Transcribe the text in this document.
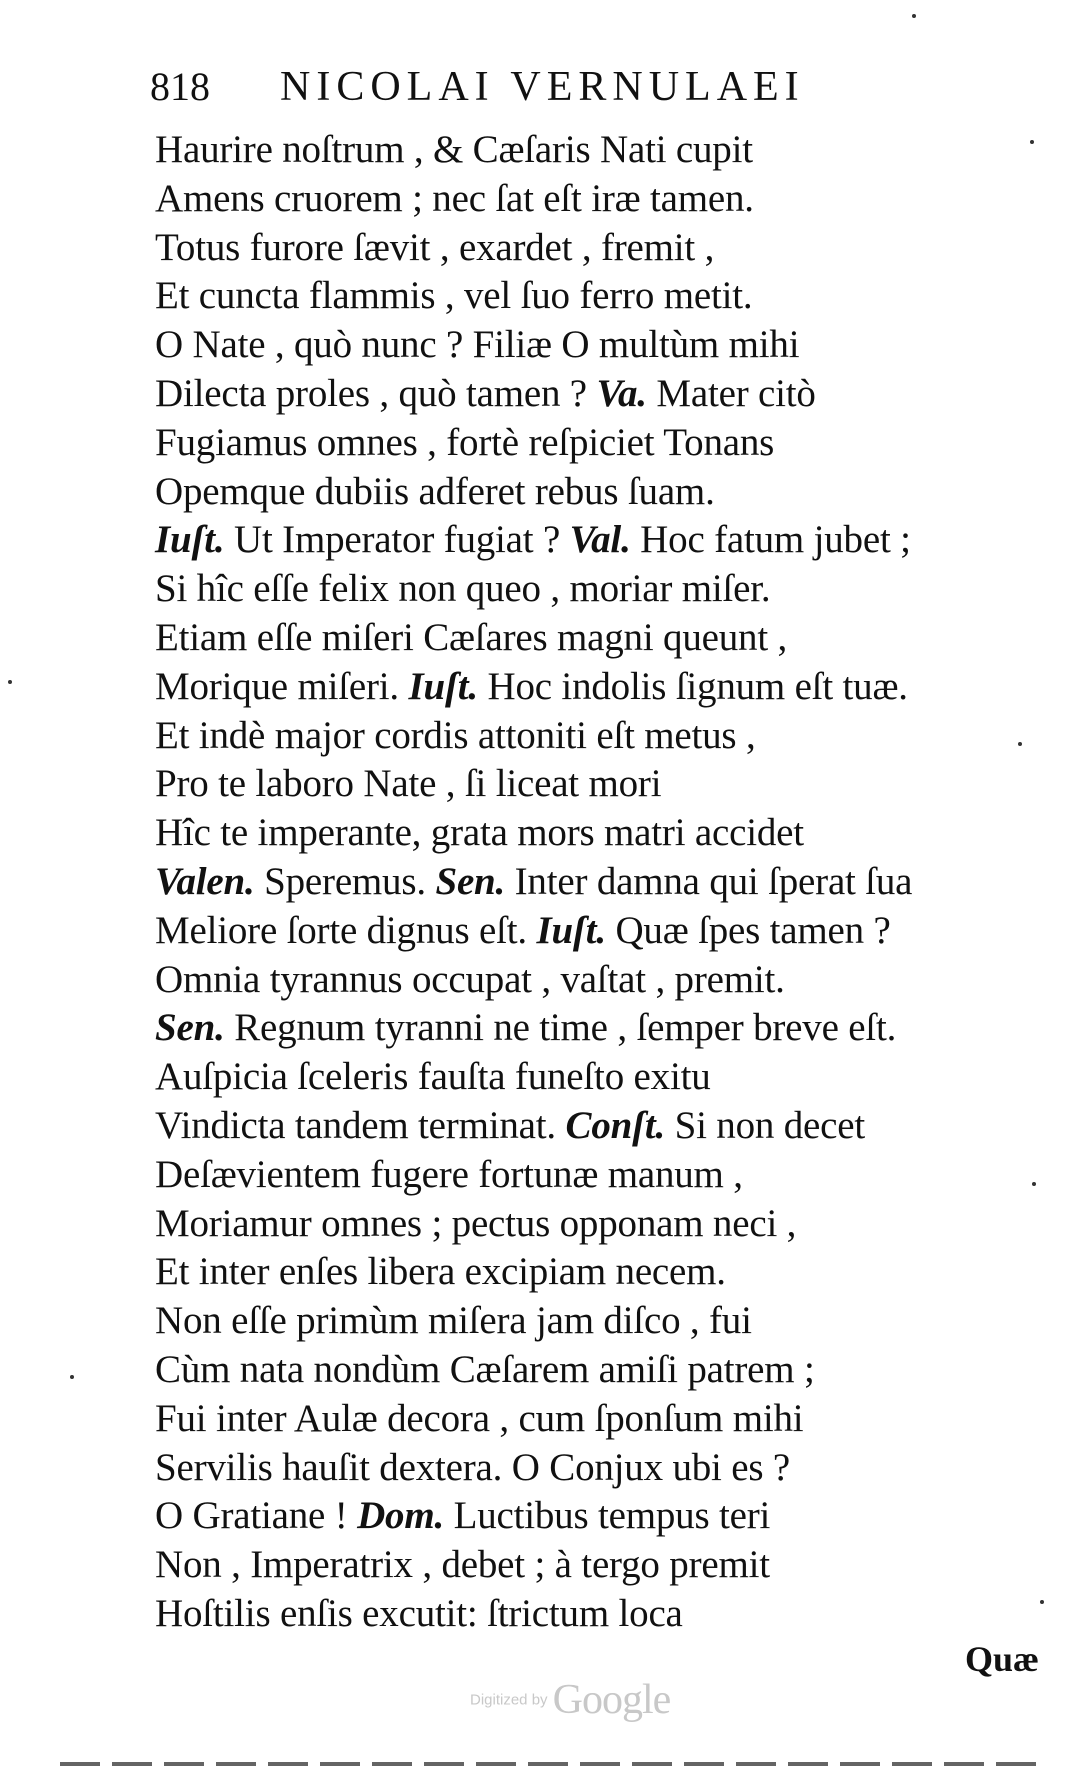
818 NICOLAI VERNULAEI
Haurire noſtrum , & Cæſaris Nati cupit
Amens cruorem ; nec ſat eſt iræ tamen.
Totus furore ſævit , exardet , fremit ,
Et cuncta flammis , vel ſuo ferro metit.
O Nate , quò nunc ? Filiæ O multùm mihi
Dilecta proles , quò tamen ? Va. Mater citò
Fugiamus omnes , fortè reſpiciet Tonans
Opemque dubiis adferet rebus ſuam.
Iuſt. Ut Imperator fugiat ? Val. Hoc fatum jubet ;
Si hîc eſſe felix non queo , moriar miſer.
Etiam eſſe miſeri Cæſares magni queunt ,
Morique miſeri. Iuſt. Hoc indolis ſignum eſt tuæ.
Et indè major cordis attoniti eſt metus ,
Pro te laboro Nate , ſi liceat mori
Hîc te imperante, grata mors matri accidet
Valen. Speremus. Sen. Inter damna qui ſperat ſua
Meliore ſorte dignus eſt. Iuſt. Quæ ſpes tamen ?
Omnia tyrannus occupat , vaſtat , premit.
Sen. Regnum tyranni ne time , ſemper breve eſt.
Auſpicia ſceleris fauſta funeſto exitu
Vindicta tandem terminat. Conſt. Si non decet
Deſævientem fugere fortunæ manum ,
Moriamur omnes ; pectus opponam neci ,
Et inter enſes libera excipiam necem.
Non eſſe primùm miſera jam diſco , fui
Cùm nata nondùm Cæſarem amiſi patrem ;
Fui inter Aulæ decora , cum ſponſum mihi
Servilis hauſit dextera. O Conjux ubi es ?
O Gratiane ! Dom. Luctibus tempus teri
Non , Imperatrix , debet ; à tergo premit
Hoſtilis enſis excutit: ſtrictum loca
Quæ
Digitized by Google
